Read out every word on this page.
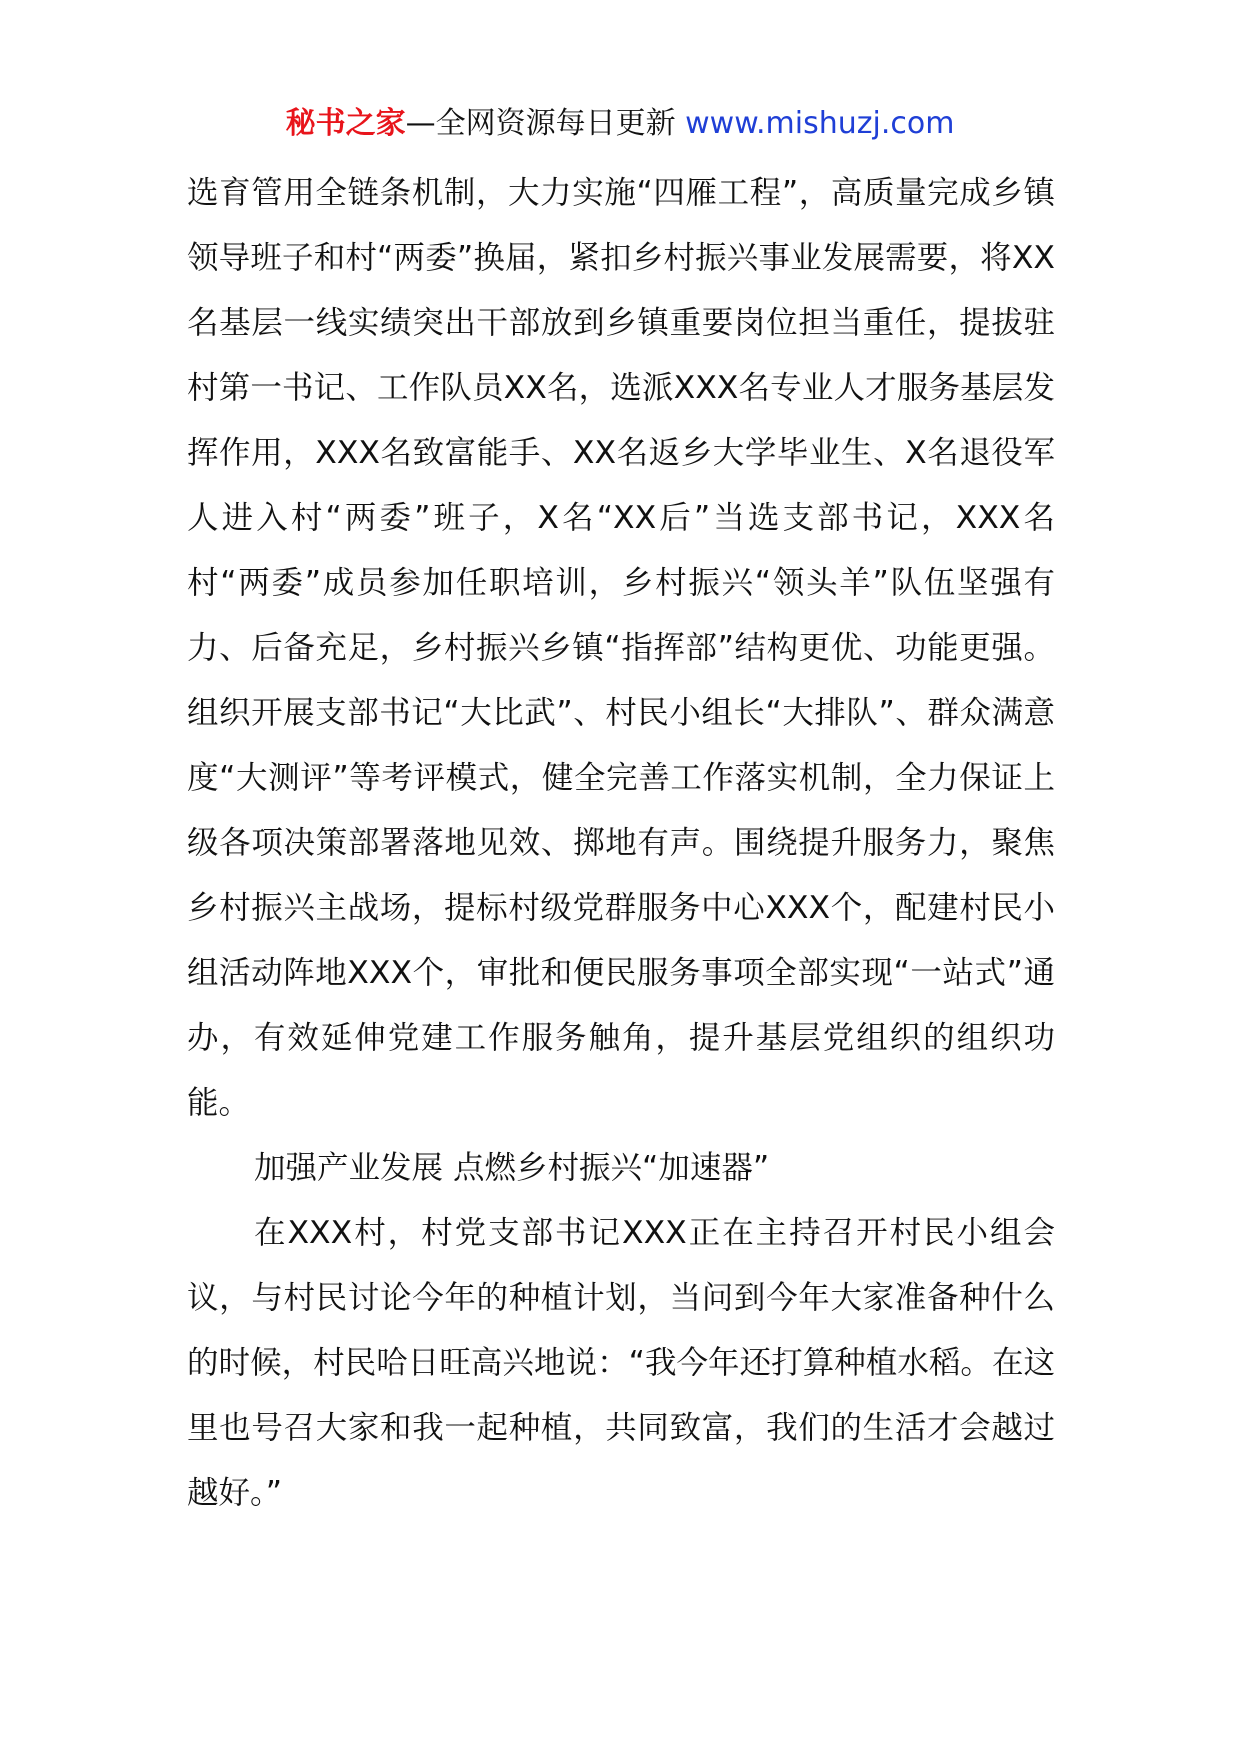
秘书之家—全网资源每日更新 www.mishuzj.com

选育管用全链条机制，大力实施“四雁工程”，高质量完成乡镇领导班子和村“两委”换届，紧扣乡村振兴事业发展需要，将XX名基层一线实绩突出干部放到乡镇重要岗位担当重任，提拔驻村第一书记、工作队员XX名，选派XXX名专业人才服务基层发挥作用，XXX名致富能手、XX名返乡大学毕业生、X名退役军人进入村“两委”班子，X名“XX后”当选支部书记，XXX名村“两委”成员参加任职培训，乡村振兴“领头羊”队伍坚强有力、后备充足，乡村振兴乡镇“指挥部”结构更优、功能更强。组织开展支部书记“大比武”、村民小组长“大排队”、群众满意度“大测评”等考评模式，健全完善工作落实机制，全力保证上级各项决策部署落地见效、掷地有声。围绕提升服务力，聚焦乡村振兴主战场，提标村级党群服务中心XXX个，配建村民小组活动阵地XXX个，审批和便民服务事项全部实现“一站式”通办，有效延伸党建工作服务触角，提升基层党组织的组织功能。

加强产业发展 点燃乡村振兴“加速器”

在XXX村，村党支部书记XXX正在主持召开村民小组会议，与村民讨论今年的种植计划，当问到今年大家准备种什么的时候，村民哈日旺高兴地说：“我今年还打算种植水稻。在这里也号召大家和我一起种植，共同致富，我们的生活才会越过越好。”
